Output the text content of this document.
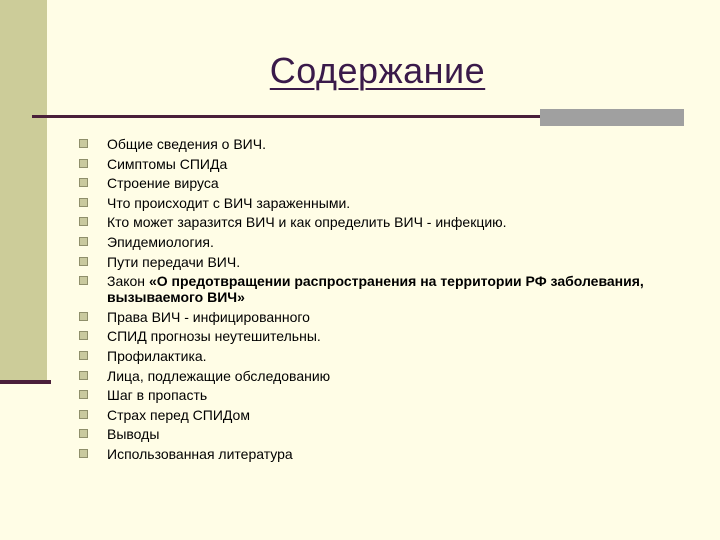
Содержание
Общие сведения о ВИЧ.
Симптомы СПИДа
Строение вируса
Что происходит с ВИЧ зараженными.
Кто может заразится ВИЧ и как определить ВИЧ - инфекцию.
Эпидемиология.
Пути передачи ВИЧ.
Закон «О предотвращении распространения на территории РФ заболевания, вызываемого ВИЧ»
Права ВИЧ - инфицированного
СПИД прогнозы неутешительны.
Профилактика.
Лица, подлежащие обследованию
Шаг в пропасть
Страх перед СПИДом
Выводы
Использованная литература
